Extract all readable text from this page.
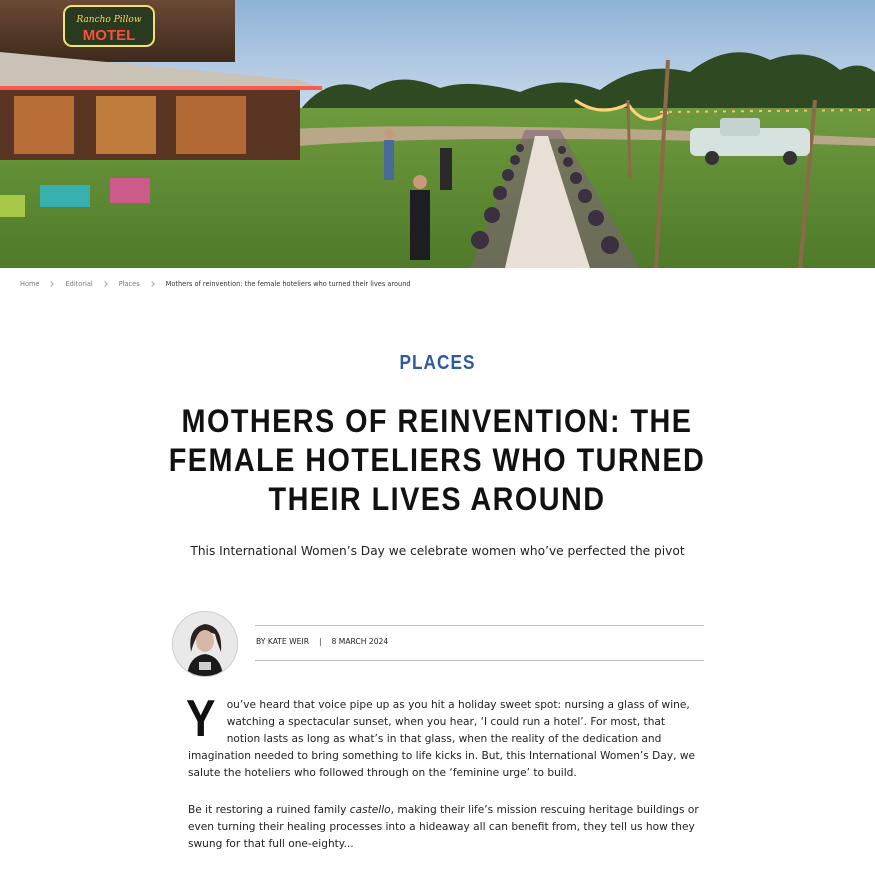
Rancho Pillow
MOTEL
Home	Editorial	Places	Mothers of reinvention: the female hoteliers who turned their lives around
PLACES
MOTHERS OF REINVENTION: THE FEMALE HOTELIERS WHO TURNED THEIR LIVES AROUND

This International Women’s Day we celebrate women who’ve perfected the pivot

BY KATE WEIR | 8 MARCH 2024
Y ou’ve heard that voice pipe up as you hit a holiday sweet spot: nursing a glass of wine, watching a spectacular sunset, when you hear, ‘I could run a hotel’. For most, that notion lasts as long as what’s in that glass, when the reality of the dedication and imagination needed to bring something to life kicks in. But, this International Women’s Day, we salute the hoteliers who followed through on the ‘feminine urge’ to build.

Be it restoring a ruined family castello, making their life’s mission rescuing heritage buildings or even turning their healing processes into a hideaway all can benefit from, they tell us how they swung for that full one-eighty...
